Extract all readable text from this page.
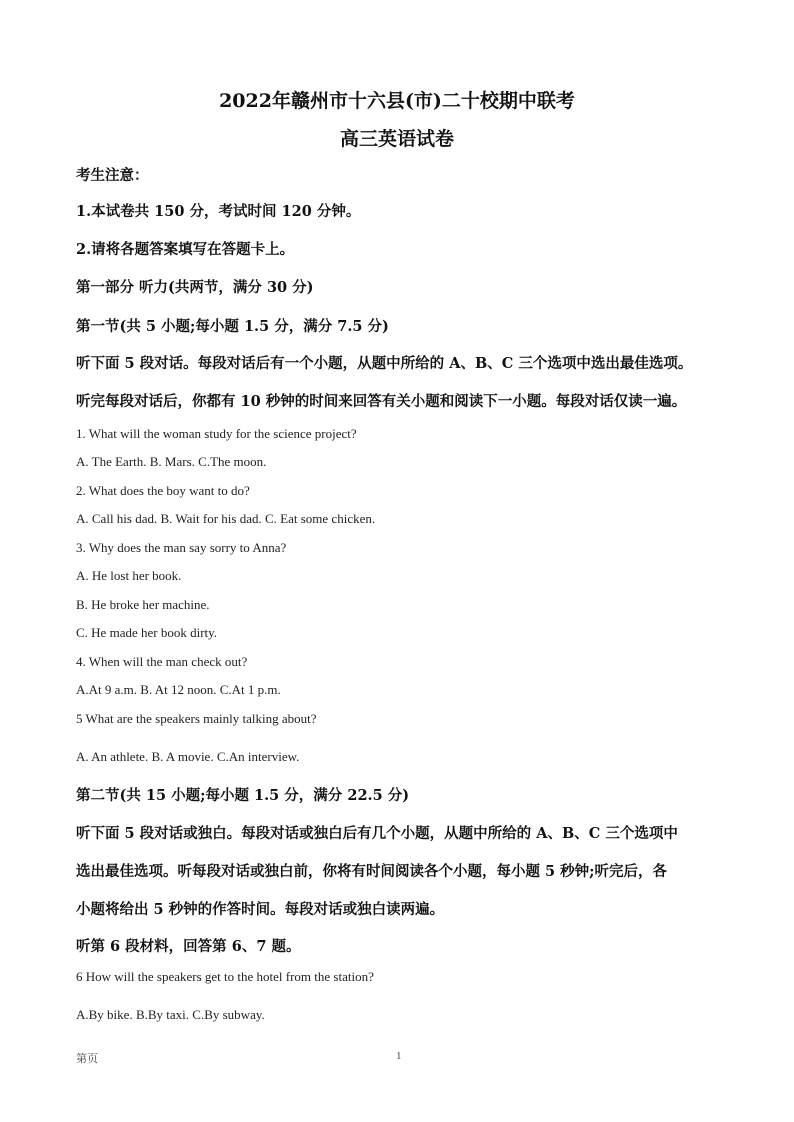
2022年赣州市十六县(市)二十校期中联考
高三英语试卷
考生注意：
1.本试卷共 150 分，考试时间 120 分钟。
2.请将各题答案填写在答题卡上。
第一部分 听力(共两节，满分 30 分)
第一节(共 5 小题;每小题 1.5 分，满分 7.5 分)
听下面 5 段对话。每段对话后有一个小题，从题中所给的 A、B、C 三个选项中选出最佳选项。
听完每段对话后，你都有 10 秒钟的时间来回答有关小题和阅读下一小题。每段对话仅读一遍。
1. What will the woman study for the science project?
A. The Earth. B. Mars. C.The moon.
2. What does the boy want to do?
A. Call his dad. B. Wait for his dad. C. Eat some chicken.
3. Why does the man say sorry to Anna?
A. He lost her book.
B. He broke her machine.
C. He made her book dirty.
4. When will the man check out?
A.At 9 a.m. B. At 12 noon. C.At 1 p.m.
5 What are the speakers mainly talking about?
A. An athlete. B. A movie. C.An interview.
第二节(共 15 小题;每小题 1.5 分，满分 22.5 分)
听下面 5 段对话或独白。每段对话或独白后有几个小题，从题中所给的 A、B、C 三个选项中
选出最佳选项。听每段对话或独白前，你将有时间阅读各个小题，每小题 5 秒钟;听完后，各
小题将给出 5 秒钟的作答时间。每段对话或独白读两遍。
听第 6 段材料，回答第 6、7 题。
6 How will the speakers get to the hotel from the station?
A.By bike. B.By taxi. C.By subway.
第页	1
